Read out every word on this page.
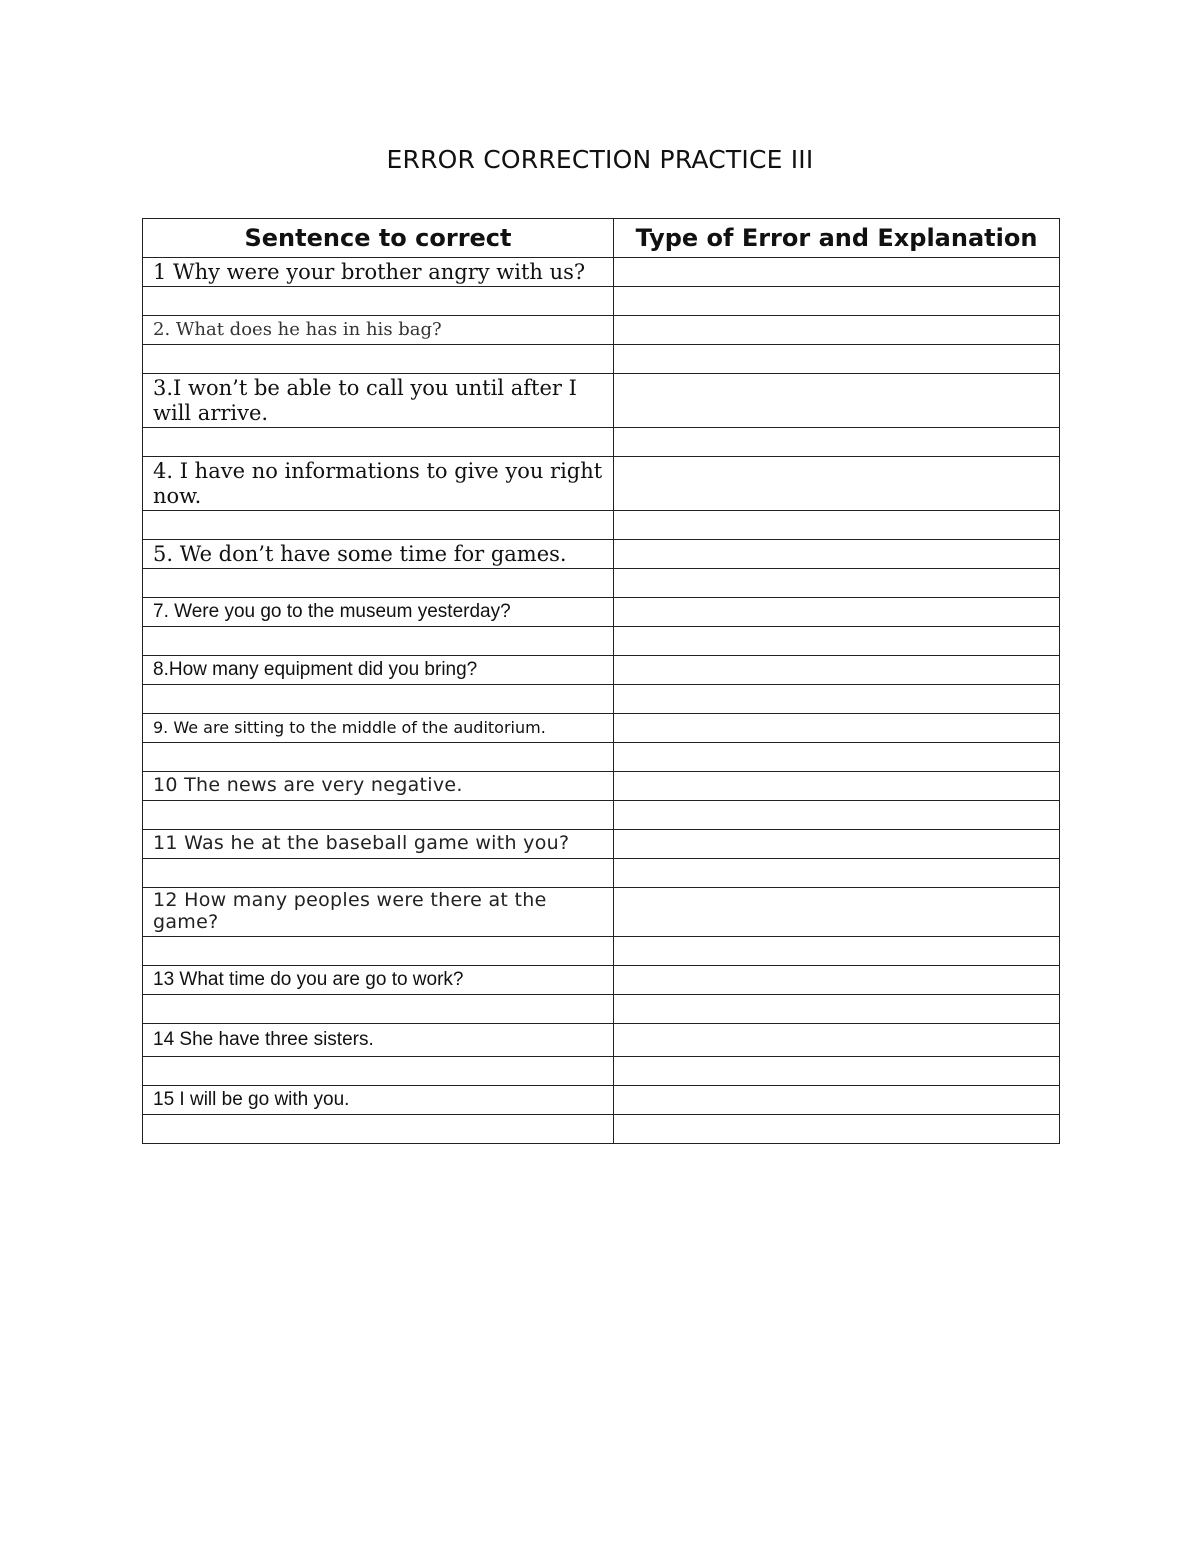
ERROR CORRECTION PRACTICE III
Sentence to correct	Type of Error and Explanation
1 Why were your brother angry with us?	

2. What does he has in his bag?	

3.I won’t be able to call you until after I will arrive.	

4. I have no informations to give you right now.	

5. We don’t have some time for games.	

7. Were you go to the museum yesterday?	

8.How many equipment did you bring?	

9. We are sitting to the middle of the auditorium.	

10 The news are very negative.	

11 Was he at the baseball game with you?	

12 How many peoples were there at the game?	

13 What time do you are go to work?	

14 She have three sisters.	

15 I will be go with you.	
